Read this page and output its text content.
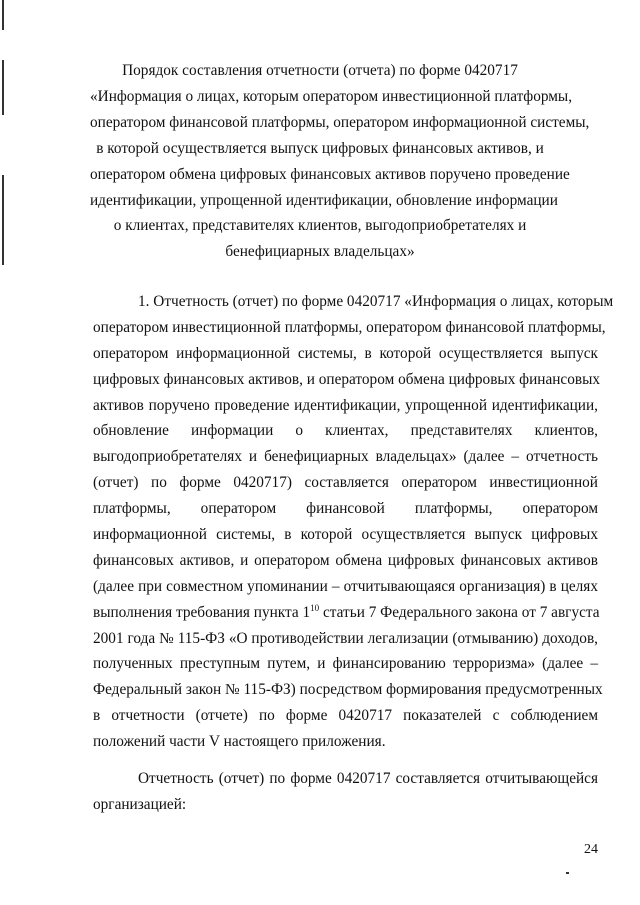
Порядок составления отчетности (отчета) по форме 0420717
«Информация о лицах, которым оператором инвестиционной платформы,
оператором финансовой платформы, оператором информационной системы,
в которой осуществляется выпуск цифровых финансовых активов, и
оператором обмена цифровых финансовых активов поручено проведение
идентификации, упрощенной идентификации, обновление информации
о клиентах, представителях клиентов, выгодоприобретателях и
бенефициарных владельцах»
1. Отчетность (отчет) по форме 0420717 «Информация о лицах, которым
оператором инвестиционной платформы, оператором финансовой платформы,
оператором информационной системы, в которой осуществляется выпуск
цифровых финансовых активов, и оператором обмена цифровых финансовых
активов поручено проведение идентификации, упрощенной идентификации,
обновление информации о клиентах, представителях клиентов,
выгодоприобретателях и бенефициарных владельцах» (далее – отчетность
(отчет) по форме 0420717) составляется оператором инвестиционной
платформы, оператором финансовой платформы, оператором
информационной системы, в которой осуществляется выпуск цифровых
финансовых активов, и оператором обмена цифровых финансовых активов
(далее при совместном упоминании – отчитывающаяся организация) в целях
выполнения требования пункта $1^{10}$ статьи 7 Федерального закона от 7 августа
2001 года № 115-ФЗ «О противодействии легализации (отмыванию) доходов,
полученных преступным путем, и финансированию терроризма» (далее –
Федеральный закон № 115-ФЗ) посредством формирования предусмотренных
в отчетности (отчете) по форме 0420717 показателей с соблюдением
положений части V настоящего приложения.
Отчетность (отчет) по форме 0420717 составляется отчитывающейся
организацией:
24
